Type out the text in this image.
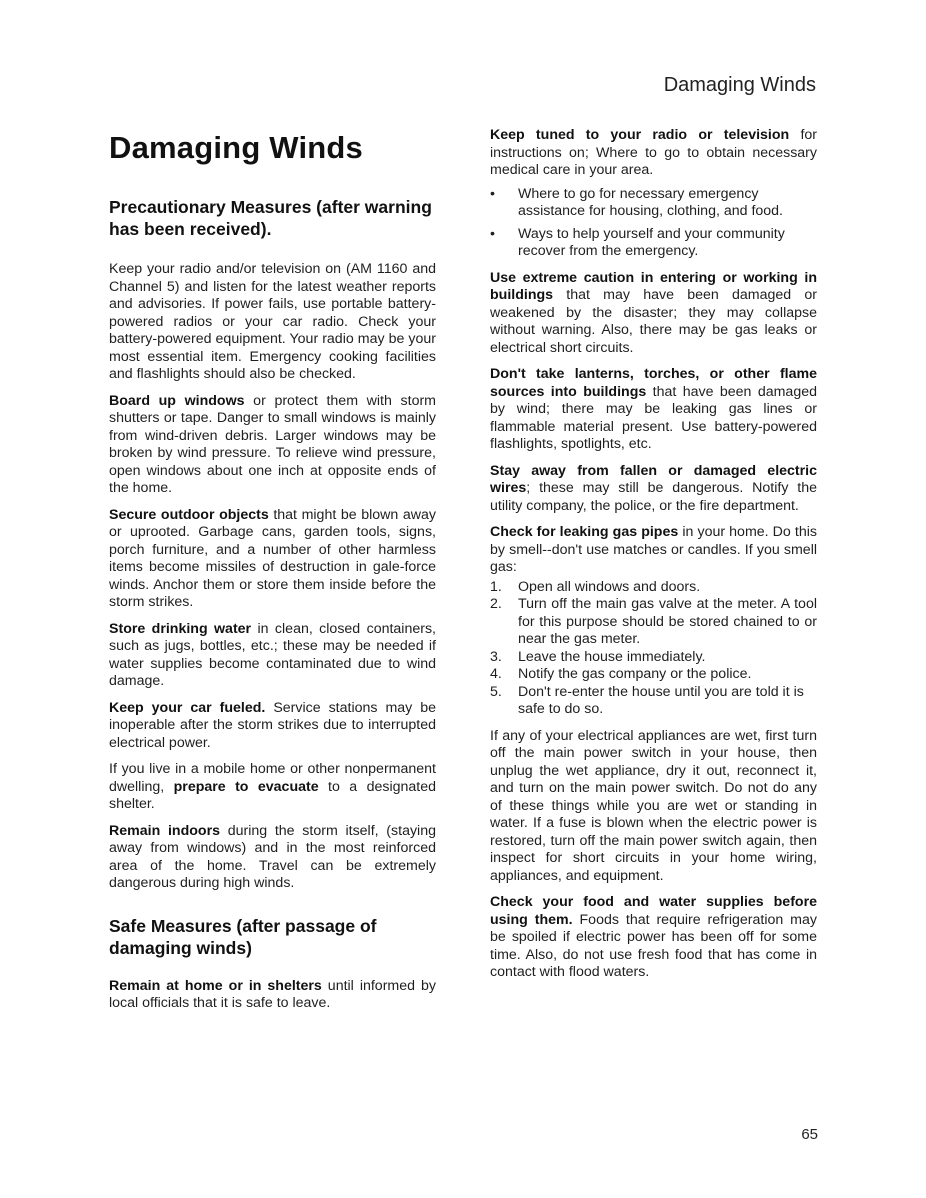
Damaging Winds
Damaging Winds
Precautionary Measures (after warning has been received).

Keep your radio and/or television on (AM 1160 and Channel 5) and listen for the latest weather reports and advisories. If power fails, use portable battery-powered radios or your car radio. Check your battery-powered equipment. Your radio may be your most essential item. Emergency cooking facilities and flashlights should also be checked.

Board up windows or protect them with storm shutters or tape. Danger to small windows is mainly from wind-driven debris. Larger windows may be broken by wind pressure. To relieve wind pressure, open windows about one inch at opposite ends of the home.

Secure outdoor objects that might be blown away or uprooted. Garbage cans, garden tools, signs, porch furniture, and a number of other harmless items become missiles of destruction in gale-force winds. Anchor them or store them inside before the storm strikes.

Store drinking water in clean, closed containers, such as jugs, bottles, etc.; these may be needed if water supplies become contaminated due to wind damage.

Keep your car fueled. Service stations may be inoperable after the storm strikes due to interrupted electrical power.

If you live in a mobile home or other nonpermanent dwelling, prepare to evacuate to a designated shelter.

Remain indoors during the storm itself, (staying away from windows) and in the most reinforced area of the home. Travel can be extremely dangerous during high winds.

Safe Measures (after passage of damaging winds)

Remain at home or in shelters until informed by local officials that it is safe to leave.

Keep tuned to your radio or television for instructions on; Where to go to obtain necessary medical care in your area.

• Where to go for necessary emergency assistance for housing, clothing, and food.
• Ways to help yourself and your community recover from the emergency.

Use extreme caution in entering or working in buildings that may have been damaged or weakened by the disaster; they may collapse without warning. Also, there may be gas leaks or electrical short circuits.

Don't take lanterns, torches, or other flame sources into buildings that have been damaged by wind; there may be leaking gas lines or flammable material present. Use battery-powered flashlights, spotlights, etc.

Stay away from fallen or damaged electric wires; these may still be dangerous. Notify the utility company, the police, or the fire department.

Check for leaking gas pipes in your home. Do this by smell--don't use matches or candles. If you smell gas:

1. Open all windows and doors.
2. Turn off the main gas valve at the meter. A tool for this purpose should be stored chained to or near the gas meter.
3. Leave the house immediately.
4. Notify the gas company or the police.
5. Don't re-enter the house until you are told it is safe to do so.

If any of your electrical appliances are wet, first turn off the main power switch in your house, then unplug the wet appliance, dry it out, reconnect it, and turn on the main power switch. Do not do any of these things while you are wet or standing in water. If a fuse is blown when the electric power is restored, turn off the main power switch again, then inspect for short circuits in your home wiring, appliances, and equipment.

Check your food and water supplies before using them. Foods that require refrigeration may be spoiled if electric power has been off for some time. Also, do not use fresh food that has come in contact with flood waters.

65
